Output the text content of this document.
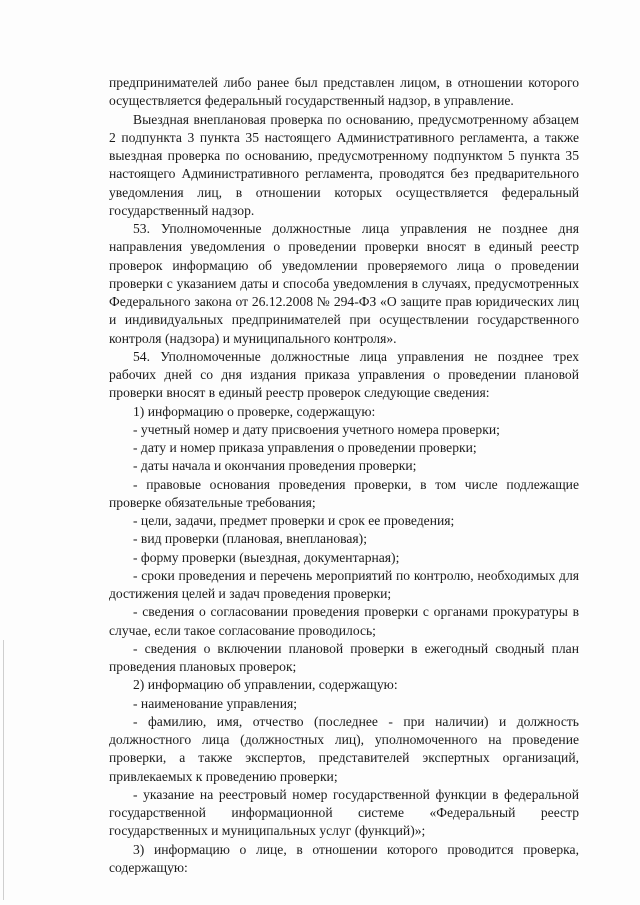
предпринимателей либо ранее был представлен лицом, в отношении которого осуществляется федеральный государственный надзор, в управление.

Выездная внеплановая проверка по основанию, предусмотренному абзацем 2 подпункта 3 пункта 35 настоящего Административного регламента, а также выездная проверка по основанию, предусмотренному подпунктом 5 пункта 35 настоящего Административного регламента, проводятся без предварительного уведомления лиц, в отношении которых осуществляется федеральный государственный надзор.

53. Уполномоченные должностные лица управления не позднее дня направления уведомления о проведении проверки вносят в единый реестр проверок информацию об уведомлении проверяемого лица о проведении проверки с указанием даты и способа уведомления в случаях, предусмотренных Федерального закона от 26.12.2008 № 294-ФЗ «О защите прав юридических лиц и индивидуальных предпринимателей при осуществлении государственного контроля (надзора) и муниципального контроля».

54. Уполномоченные должностные лица управления не позднее трех рабочих дней со дня издания приказа управления о проведении плановой проверки вносят в единый реестр проверок следующие сведения:

1) информацию о проверке, содержащую:

- учетный номер и дату присвоения учетного номера проверки;

- дату и номер приказа управления о проведении проверки;

- даты начала и окончания проведения проверки;

- правовые основания проведения проверки, в том числе подлежащие проверке обязательные требования;

- цели, задачи, предмет проверки и срок ее проведения;

- вид проверки (плановая, внеплановая);

- форму проверки (выездная, документарная);

- сроки проведения и перечень мероприятий по контролю, необходимых для достижения целей и задач проведения проверки;

- сведения о согласовании проведения проверки с органами прокуратуры в случае, если такое согласование проводилось;

- сведения о включении плановой проверки в ежегодный сводный план проведения плановых проверок;

2) информацию об управлении, содержащую:

- наименование управления;

- фамилию, имя, отчество (последнее - при наличии) и должность должностного лица (должностных лиц), уполномоченного на проведение проверки, а также экспертов, представителей экспертных организаций, привлекаемых к проведению проверки;

- указание на реестровый номер государственной функции в федеральной государственной информационной системе «Федеральный реестр государственных и муниципальных услуг (функций)»;

3) информацию о лице, в отношении которого проводится проверка, содержащую:
